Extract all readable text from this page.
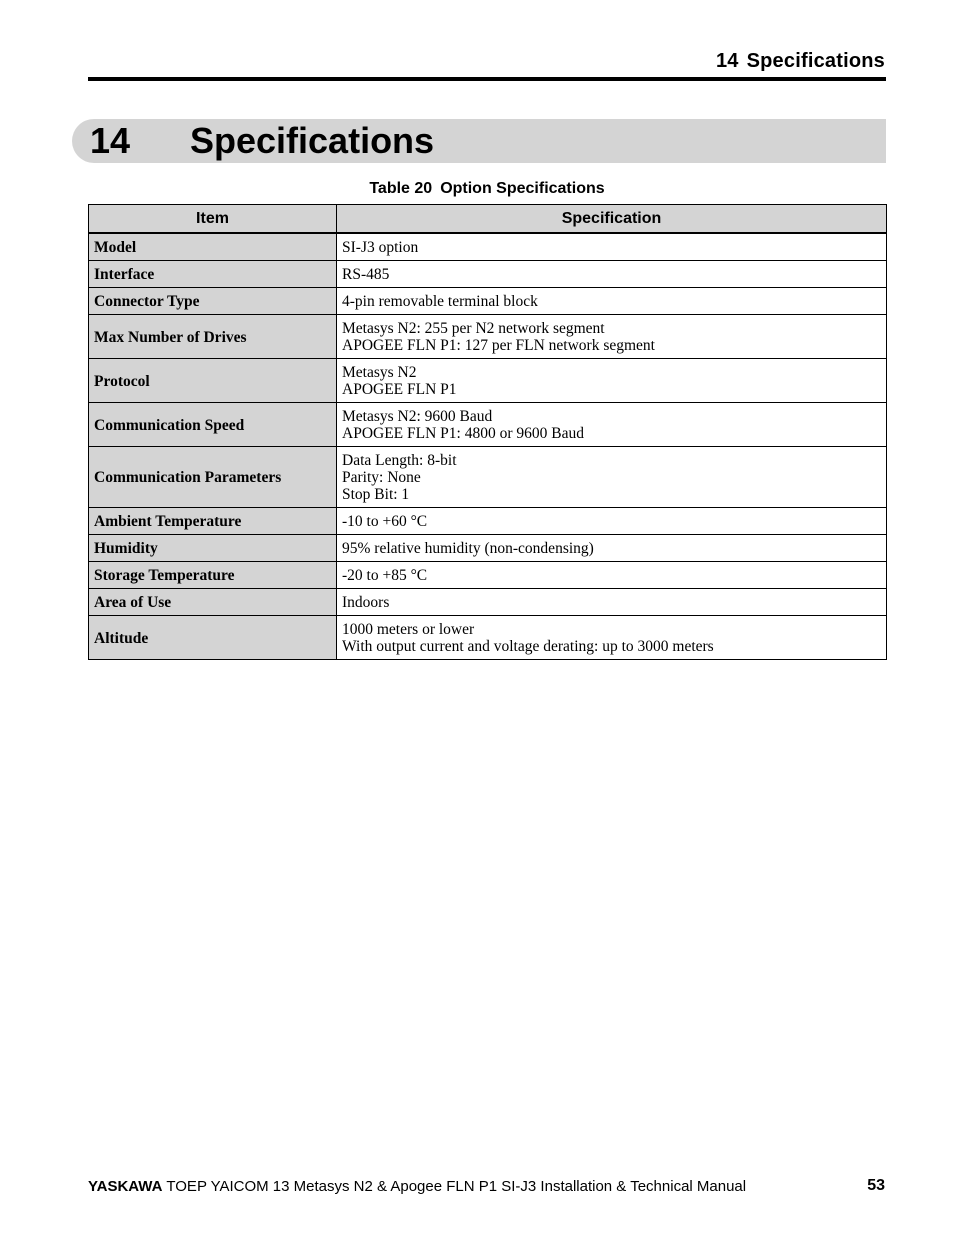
14 Specifications
14 Specifications
Table 20 Option Specifications
Item	Specification
Model	SI-J3 option

Interface	RS-485

Connector Type	4-pin removable terminal block

Max Number of Drives	Metasys N2: 255 per N2 network segment
APOGEE FLN P1: 127 per FLN network segment

Protocol	Metasys N2
APOGEE FLN P1

Communication Speed	Metasys N2: 9600 Baud
APOGEE FLN P1: 4800 or 9600 Baud

Communication Parameters	Data Length: 8-bit
Parity: None
Stop Bit: 1

Ambient Temperature	-10 to +60 °C

Humidity	95% relative humidity (non-condensing)

Storage Temperature	-20 to +85 °C

Area of Use	Indoors

Altitude	1000 meters or lower
With output current and voltage derating: up to 3000 meters
YASKAWA TOEP YAICOM 13 Metasys N2 & Apogee FLN P1 SI-J3 Installation & Technical Manual	53
